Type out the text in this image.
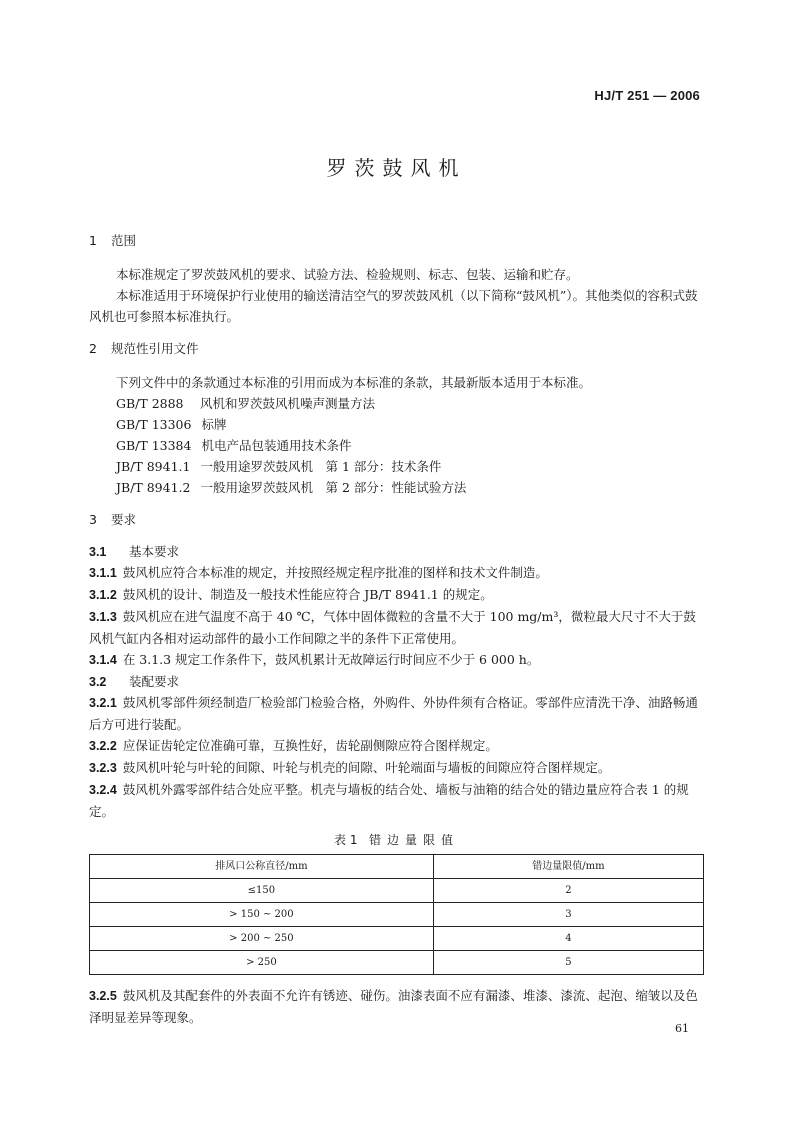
HJ/T 251 — 2006
罗茨鼓风机
1 范围

本标准规定了罗茨鼓风机的要求、试验方法、检验规则、标志、包装、运输和贮存。

本标准适用于环境保护行业使用的输送清洁空气的罗茨鼓风机（以下简称“鼓风机”）。其他类似的容积式鼓风机也可参照本标准执行。

2 规范性引用文件

下列文件中的条款通过本标准的引用而成为本标准的条款，其最新版本适用于本标准。

GB/T 2888 风机和罗茨鼓风机噪声测量方法
GB/T 13306 标牌
GB/T 13384 机电产品包装通用技术条件
JB/T 8941.1 一般用途罗茨鼓风机　第 1 部分：技术条件
JB/T 8941.2 一般用途罗茨鼓风机　第 2 部分：性能试验方法
3 要求
3.1 基本要求

3.1.1 鼓风机应符合本标准的规定，并按照经规定程序批准的图样和技术文件制造。

3.1.2 鼓风机的设计、制造及一般技术性能应符合 JB/T 8941.1 的规定。

3.1.3 鼓风机应在进气温度不高于 40 ℃，气体中固体微粒的含量不大于 100 mg/m³，微粒最大尺寸不大于鼓风机气缸内各相对运动部件的最小工作间隙之半的条件下正常使用。

3.1.4 在 3.1.3 规定工作条件下，鼓风机累计无故障运行时间应不少于 6 000 h。

3.2 装配要求

3.2.1 鼓风机零部件须经制造厂检验部门检验合格，外购件、外协件须有合格证。零部件应清洗干净、油路畅通后方可进行装配。

3.2.2 应保证齿轮定位准确可靠，互换性好，齿轮副侧隙应符合图样规定。

3.2.3 鼓风机叶轮与叶轮的间隙、叶轮与机壳的间隙、叶轮端面与墙板的间隙应符合图样规定。

3.2.4 鼓风机外露零部件结合处应平整。机壳与墙板的结合处、墙板与油箱的结合处的错边量应符合表 1 的规定。

表 1 错边量限值
排风口公称直径/mm	错边量限值/mm
≤150	2
> 150 ~ 200	3
> 200 ~ 250	4
> 250	5

3.2.5 鼓风机及其配套件的外表面不允许有锈迹、碰伤。油漆表面不应有漏漆、堆漆、漆流、起泡、缩皱以及色泽明显差异等现象。

61
